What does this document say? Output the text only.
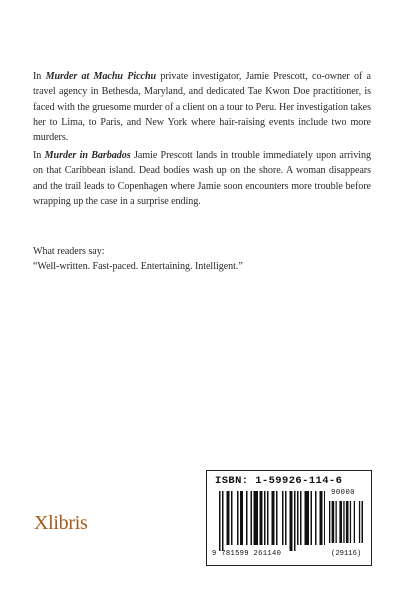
In Murder at Machu Picchu private investigator, Jamie Prescott, co-owner of a travel agency in Bethesda, Maryland, and dedicated Tae Kwon Doe practitioner, is faced with the gruesome murder of a client on a tour to Peru. Her investigation takes her to Lima, to Paris, and New York where hair-raising events include two more murders.

In Murder in Barbados Jamie Prescott lands in trouble immediately upon arriving on that Caribbean island. Dead bodies wash up on the shore. A woman disappears and the trail leads to Copenhagen where Jamie soon encounters more trouble before wrapping up the case in a surprise ending.

What readers say:

“Well-written. Fast-paced. Entertaining. Intelligent.”

Xlibris
ISBN: 1-59926-114-6
90000
9 781599 261140	(29116)
